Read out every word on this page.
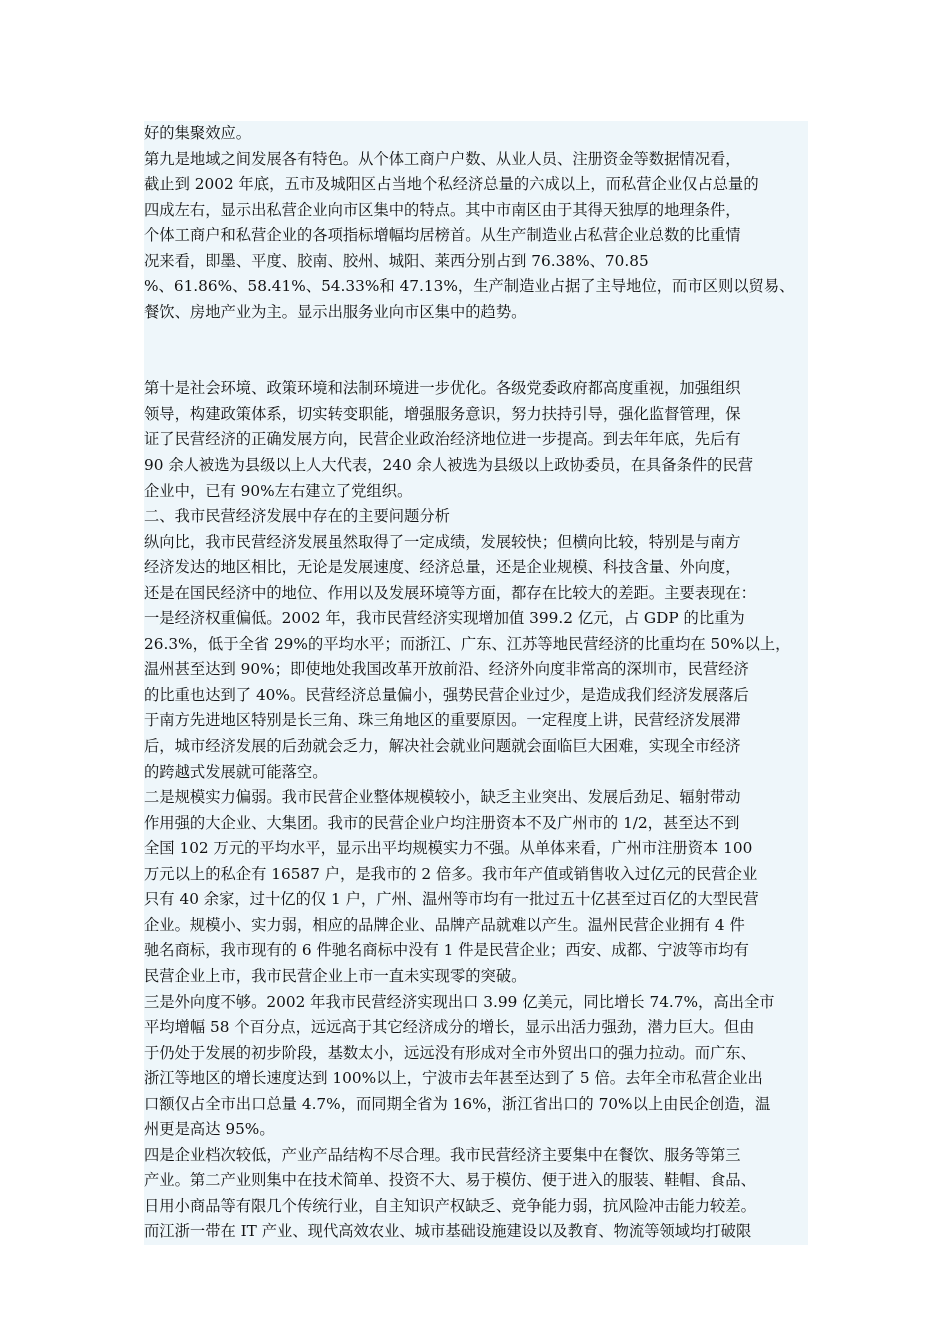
好的集聚效应。
第九是地域之间发展各有特色。从个体工商户户数、从业人员、注册资金等数据情况看，
截止到 2002 年底，五市及城阳区占当地个私经济总量的六成以上，而私营企业仅占总量的
四成左右，显示出私营企业向市区集中的特点。其中市南区由于其得天独厚的地理条件，
个体工商户和私营企业的各项指标增幅均居榜首。从生产制造业占私营企业总数的比重情
况来看，即墨、平度、胶南、胶州、城阳、莱西分别占到 76.38%、70.85
%、61.86%、58.41%、54.33%和 47.13%，生产制造业占据了主导地位，而市区则以贸易、
餐饮、房地产业为主。显示出服务业向市区集中的趋势。
第十是社会环境、政策环境和法制环境进一步优化。各级党委政府都高度重视，加强组织
领导，构建政策体系，切实转变职能，增强服务意识，努力扶持引导，强化监督管理，保
证了民营经济的正确发展方向，民营企业政治经济地位进一步提高。到去年年底，先后有
90 余人被选为县级以上人大代表，240 余人被选为县级以上政协委员，在具备条件的民营
企业中，已有 90%左右建立了党组织。
二、我市民营经济发展中存在的主要问题分析
纵向比，我市民营经济发展虽然取得了一定成绩，发展较快；但横向比较，特别是与南方
经济发达的地区相比，无论是发展速度、经济总量，还是企业规模、科技含量、外向度，
还是在国民经济中的地位、作用以及发展环境等方面，都存在比较大的差距。主要表现在：
一是经济权重偏低。2002 年，我市民营经济实现增加值 399.2 亿元，占 GDP 的比重为
26.3%，低于全省 29%的平均水平；而浙江、广东、江苏等地民营经济的比重均在 50%以上，
温州甚至达到 90%；即使地处我国改革开放前沿、经济外向度非常高的深圳市，民营经济
的比重也达到了 40%。民营经济总量偏小，强势民营企业过少，是造成我们经济发展落后
于南方先进地区特别是长三角、珠三角地区的重要原因。一定程度上讲，民营经济发展滞
后，城市经济发展的后劲就会乏力，解决社会就业问题就会面临巨大困难，实现全市经济
的跨越式发展就可能落空。
二是规模实力偏弱。我市民营企业整体规模较小，缺乏主业突出、发展后劲足、辐射带动
作用强的大企业、大集团。我市的民营企业户均注册资本不及广州市的 1/2，甚至达不到
全国 102 万元的平均水平，显示出平均规模实力不强。从单体来看，广州市注册资本 100
万元以上的私企有 16587 户，是我市的 2 倍多。我市年产值或销售收入过亿元的民营企业
只有 40 余家，过十亿的仅 1 户，广州、温州等市均有一批过五十亿甚至过百亿的大型民营
企业。规模小、实力弱，相应的品牌企业、品牌产品就难以产生。温州民营企业拥有 4 件
驰名商标，我市现有的 6 件驰名商标中没有 1 件是民营企业；西安、成都、宁波等市均有
民营企业上市，我市民营企业上市一直未实现零的突破。
三是外向度不够。2002 年我市民营经济实现出口 3.99 亿美元，同比增长 74.7%，高出全市
平均增幅 58 个百分点，远远高于其它经济成分的增长，显示出活力强劲，潜力巨大。但由
于仍处于发展的初步阶段，基数太小，远远没有形成对全市外贸出口的强力拉动。而广东、
浙江等地区的增长速度达到 100%以上，宁波市去年甚至达到了 5 倍。去年全市私营企业出
口额仅占全市出口总量 4.7%，而同期全省为 16%，浙江省出口的 70%以上由民企创造，温
州更是高达 95%。
四是企业档次较低，产业产品结构不尽合理。我市民营经济主要集中在餐饮、服务等第三
产业。第二产业则集中在技术简单、投资不大、易于模仿、便于进入的服装、鞋帽、食品、
日用小商品等有限几个传统行业，自主知识产权缺乏、竞争能力弱，抗风险冲击能力较差。
而江浙一带在 IT 产业、现代高效农业、城市基础设施建设以及教育、物流等领域均打破限
